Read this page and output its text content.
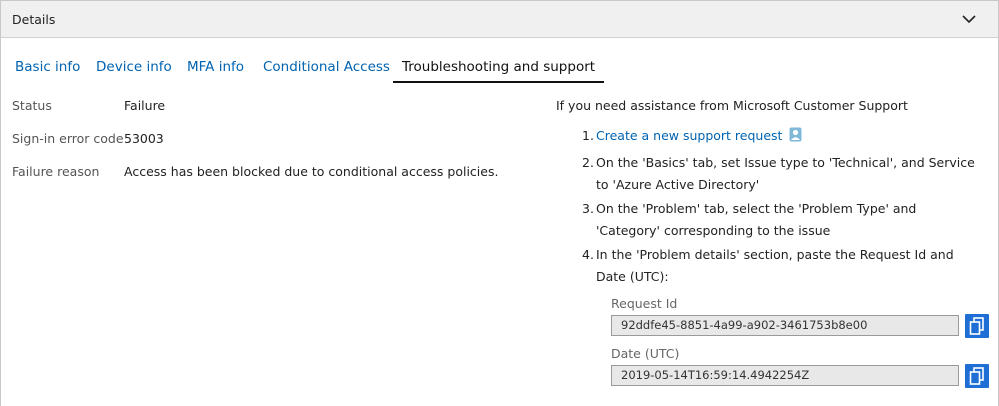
Details
Basic info Device info MFA info Conditional Access Troubleshooting and support
Status	Failure
Sign-in error code 53003
Failure reason Access has been blocked due to conditional access policies.
If you need assistance from Microsoft Customer Support
1. Create a new support request
2. On the 'Basics' tab, set Issue type to 'Technical', and Service to 'Azure Active Directory'
3. On the 'Problem' tab, select the 'Problem Type' and 'Category' corresponding to the issue
4. In the 'Problem details' section, paste the Request Id and Date (UTC):
Request Id
92ddfe45-8851-4a99-a902-3461753b8e00
Date (UTC)
2019-05-14T16:59:14.4942254Z
